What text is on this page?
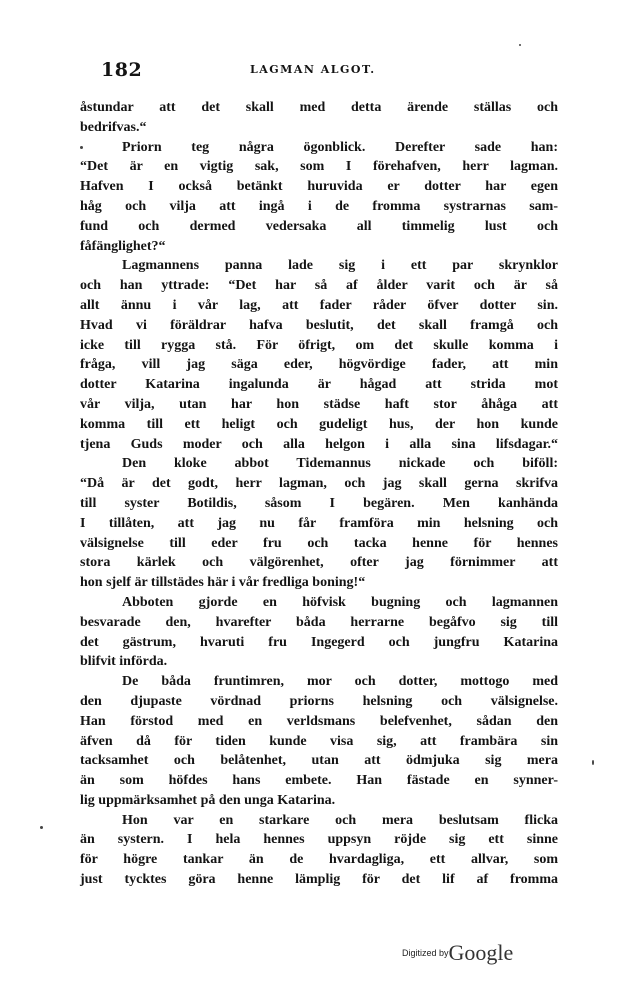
182	LAGMAN ALGOT.
åstundar att det skall med detta ärende ställas och
bedrifvas.“
Priorn teg några ögonblick. Derefter sade han:
“Det är en vigtig sak, som I förehafven, herr lagman.
Hafven I också betänkt huruvida er dotter har egen
håg och vilja att ingå i de fromma systrarnas sam-
fund och dermed vedersaka all timmelig lust och
fåfänglighet?“
Lagmannens panna lade sig i ett par skrynklor
och han yttrade: “Det har så af ålder varit och är så
allt ännu i vår lag, att fader råder öfver dotter sin.
Hvad vi föräldrar hafva beslutit, det skall framgå och
icke till rygga stå. För öfrigt, om det skulle komma i
fråga, vill jag säga eder, högvördige fader, att min
dotter Katarina ingalunda är hågad att strida mot
vår vilja, utan har hon städse haft stor åhåga att
komma till ett heligt och gudeligt hus, der hon kunde
tjena Guds moder och alla helgon i alla sina lifsdagar.“
Den kloke abbot Tidemannus nickade och biföll:
“Då är det godt, herr lagman, och jag skall gerna skrifva
till syster Botildis, såsom I begären. Men kanhända
I tillåten, att jag nu får framföra min helsning och
välsignelse till eder fru och tacka henne för hennes
stora kärlek och välgörenhet, ofter jag förnimmer att
hon sjelf är tillstädes här i vår fredliga boning!“
Abboten gjorde en höfvisk bugning och lagmannen
besvarade den, hvarefter båda herrarne begåfvo sig till
det gästrum, hvaruti fru Ingegerd och jungfru Katarina
blifvit införda.
De båda fruntimren, mor och dotter, mottogo med
den djupaste vördnad priorns helsning och välsignelse.
Han förstod med en verldsmans belefvenhet, sådan den
äfven då för tiden kunde visa sig, att frambära sin
tacksamhet och belåtenhet, utan att ödmjuka sig mera
än som höfdes hans embete. Han fästade en synner-
lig uppmärksamhet på den unga Katarina.
Hon var en starkare och mera beslutsam flicka
än systern. I hela hennes uppsyn röjde sig ett sinne
för högre tankar än de hvardagliga, ett allvar, som
just tycktes göra henne lämplig för det lif af fromma
Digitized byGoogle
